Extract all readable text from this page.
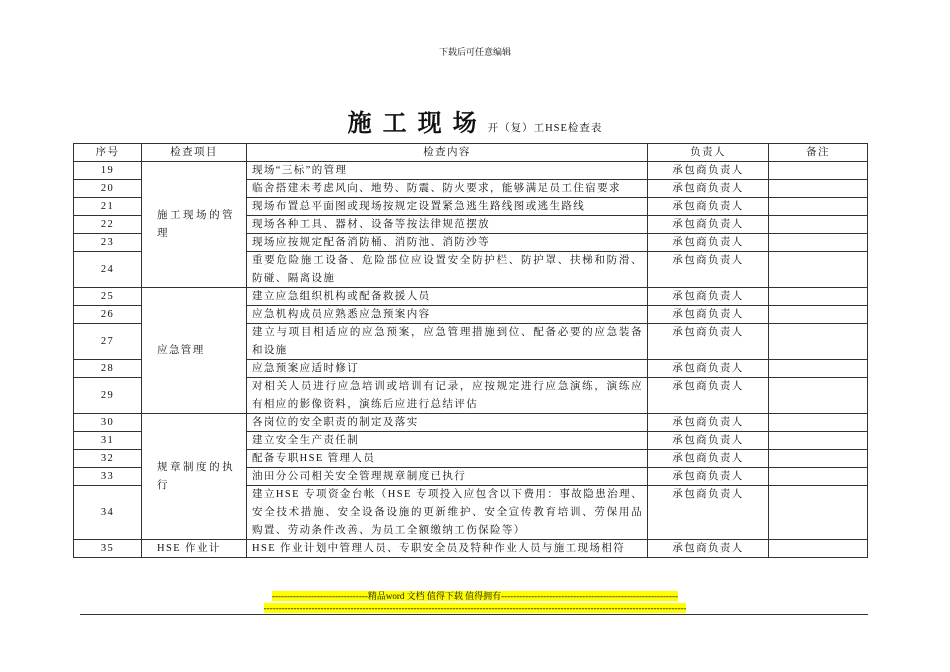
下载后可任意编辑
施工现场开（复）工HSE检查表
序号	检查项目	检查内容	负责人	备注
19	施工现场的管理	现场“三标”的管理	承包商负责人	
20		临舍搭建未考虑风向、地势、防震、防火要求，能够满足员工住宿要求	承包商负责人	
21		现场布置总平面图或现场按规定设置紧急逃生路线图或逃生路线	承包商负责人	
22		现场各种工具、器材、设备等按法律规范摆放	承包商负责人	
23		现场应按规定配备消防桶、消防池、消防沙等	承包商负责人	
24		重要危险施工设备、危险部位应设置安全防护栏、防护罩、扶梯和防滑、防碰、隔离设施	承包商负责人	
25	应急管理	建立应急组织机构或配备救援人员	承包商负责人	
26		应急机构成员应熟悉应急预案内容	承包商负责人	
27		建立与项目相适应的应急预案，应急管理措施到位、配备必要的应急装备和设施	承包商负责人	
28		应急预案应适时修订	承包商负责人	
29		对相关人员进行应急培训或培训有记录，应按规定进行应急演练，演练应有相应的影像资料，演练后应进行总结评估	承包商负责人	
30	规章制度的执行	各岗位的安全职责的制定及落实	承包商负责人	
31		建立安全生产责任制	承包商负责人	
32		配备专职HSE 管理人员	承包商负责人	
33		油田分公司相关安全管理规章制度已执行	承包商负责人	
34		建立HSE 专项资金台帐（HSE 专项投入应包含以下费用：事故隐患治理、安全技术措施、安全设备设施的更新维护、安全宣传教育培训、劳保用品购置、劳动条件改善、为员工全额缴纳工伤保险等）	承包商负责人	
35	HSE 作业计	HSE 作业计划中管理人员、专职安全员及特种作业人员与施工现场相符	承包商负责人	
--------------------------------精品word 文档 值得下载 值得拥有-----------------------------------------------------------
---------------------------------------------------------------------------------------------------------------------------------------------
